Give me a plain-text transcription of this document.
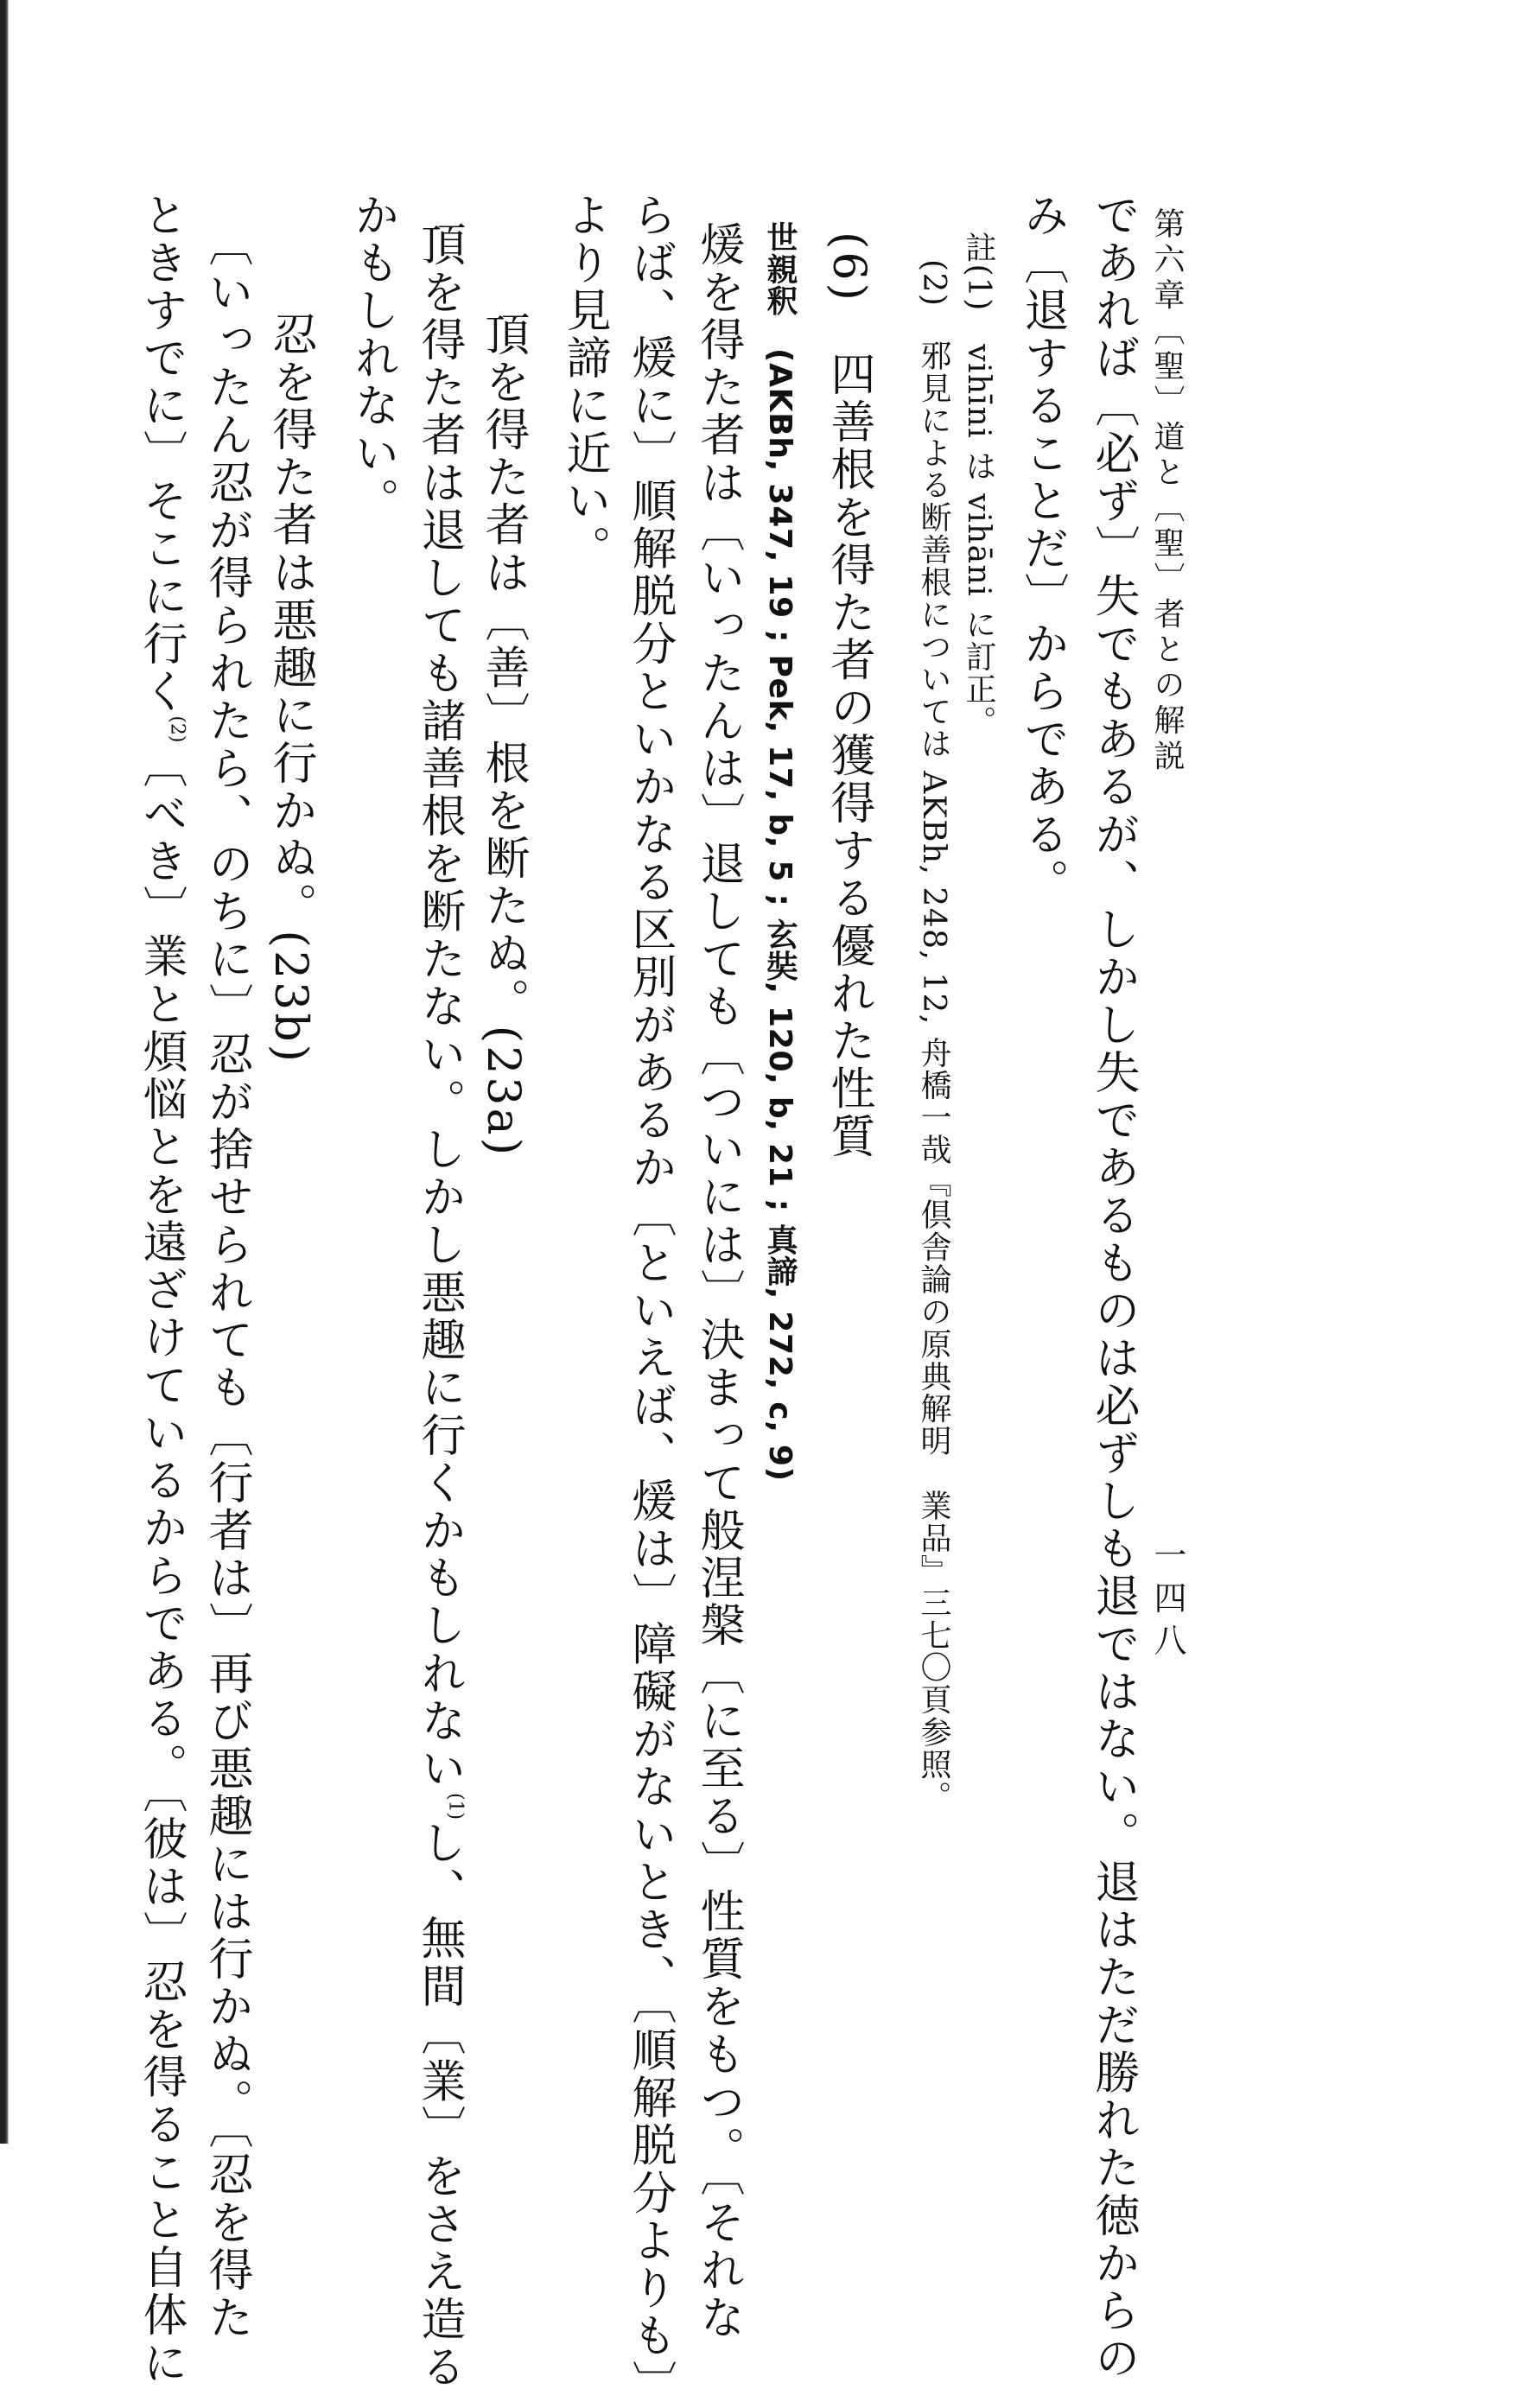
第六章〔聖〕道と〔聖〕者との解説
一四八
であれば〔必ず〕失でもあるが、しかし失であるものは必ずしも退ではない。退はただ勝れた徳からの
み〔退することだ〕からである。
註(1)　vihīni は vihāni に訂正。
(2)　邪見による断善根については AKBh, 248, 12, 舟橋一哉『倶舎論の原典解明　業品』三七〇頁参照。
(6)　四善根を得た者の獲得する優れた性質
世親釈　(AKBh, 347, 19 ; Pek, 17, b, 5 ; 玄奘, 120, b, 21 ; 真諦, 272, c, 9)
煖を得た者は〔いったんは〕退しても〔ついには〕決まって般涅槃〔に至る〕性質をもつ。〔それな
らば、煖に〕順解脱分といかなる区別があるか〔といえば、煖は〕障礙がないとき、〔順解脱分よりも〕
より見諦に近い。
頂を得た者は〔善〕根を断たぬ。(23a)
頂を得た者は退しても諸善根を断たない。しかし悪趣に行くかもしれない$^{(1)}$し、無間〔業〕をさえ造る
かもしれない。
忍を得た者は悪趣に行かぬ。(23b)
〔いったん忍が得られたら、のちに〕忍が捨せられても〔行者は〕再び悪趣には行かぬ。〔忍を得た
ときすでに〕そこに行く$^{(2)}$〔べき〕業と煩悩とを遠ざけているからである。〔彼は〕忍を得ること自体に
